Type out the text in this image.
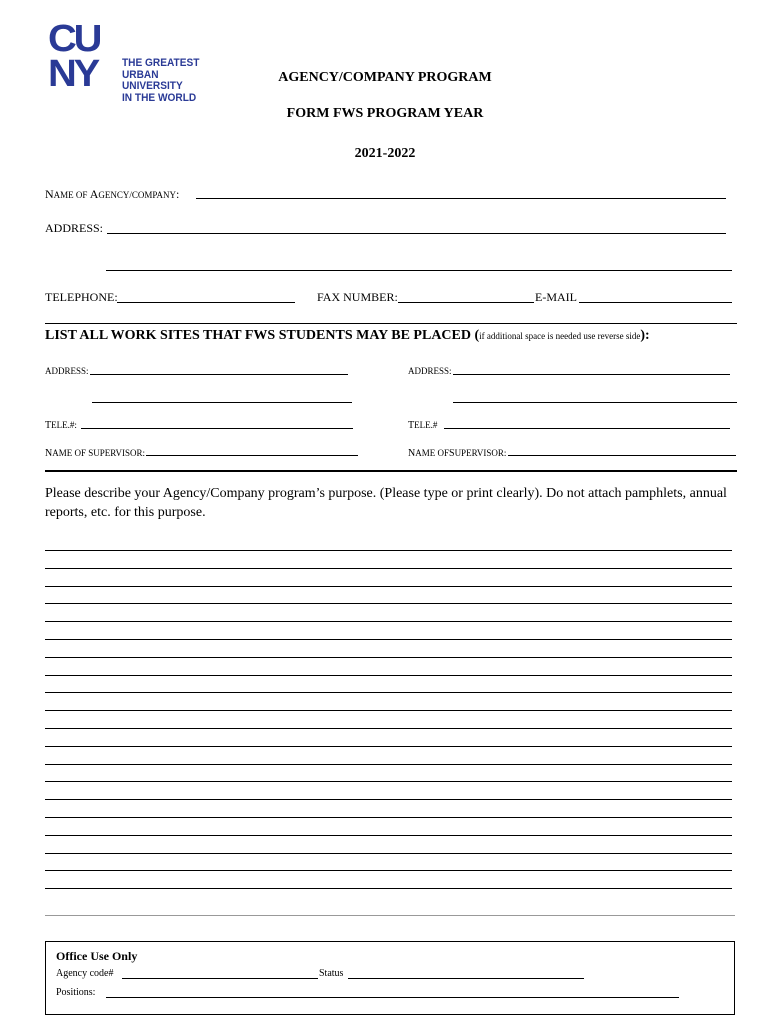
CU
NY	THE GREATEST
URBAN UNIVERSITY
IN THE WORLD
AGENCY/COMPANY PROGRAM
FORM FWS PROGRAM YEAR
2021-2022
NAME OF AGENCY/COMPANY:
ADDRESS:
TELEPHONE:	FAX NUMBER:	E-MAIL
LIST ALL WORK SITES THAT FWS STUDENTS MAY BE PLACED (if additional space is needed use reverse side):
ADDRESS:
TELE.#:
NAME OF SUPERVISOR:
ADDRESS:
TELE.#
NAME OFSUPERVISOR:
Please describe your Agency/Company program’s purpose. (Please type or print clearly). Do not attach pamphlets, annual reports, etc. for this purpose.
Office Use Only
Agency code#	Status
Positions:
